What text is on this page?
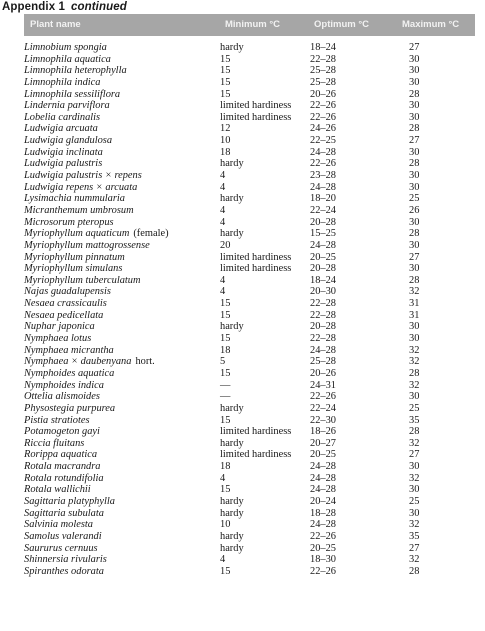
Appendix 1 continued
Plant name	Minimum °C	Optimum °C	Maximum °C
Limnobium spongia	hardy	18–24	27
Limnophila aquatica	15	22–28	30
Limnophila heterophylla	15	25–28	30
Limnophila indica	15	25–28	30
Limnophila sessiliflora	15	20–26	28
Lindernia parviflora	limited hardiness 22–26	30
Lobelia cardinalis	limited hardiness 22–26	30
Ludwigia arcuata	12	24–26	28
Ludwigia glandulosa	10	22–25	27
Ludwigia inclinata	18	24–28	30
Ludwigia palustris	hardy	22–26	28
Ludwigia palustris × repens	4	23–28	30
Ludwigia repens × arcuata	4	24–28	30
Lysimachia nummularia	hardy	18–20	25
Micranthemum umbrosum	4	22–24	26
Microsorum pteropus	4	20–28	30
Myriophyllum aquaticum (female)	hardy	15–25	28
Myriophyllum mattogrossense	20	24–28	30
Myriophyllum pinnatum	limited hardiness 20–25	27
Myriophyllum simulans	limited hardiness 20–28	30
Myriophyllum tuberculatum	4	18–24	28
Najas guadalupensis	4	20–30	32
Nesaea crassicaulis	15	22–28	31
Nesaea pedicellata	15	22–28	31
Nuphar japonica	hardy	20–28	30
Nymphaea lotus	15	22–28	30
Nymphaea micrantha	18	24–28	32
Nymphaea × daubenyana hort.	5	25–28	32
Nymphoides aquatica	15	20–26	28
Nymphoides indica	—	24–31	32
Ottelia alismoides	—	22–26	30
Physostegia purpurea	hardy	22–24	25
Pistia stratiotes	15	22–30	35
Potamogeton gayi	limited hardiness 18–26	28
Riccia fluitans	hardy	20–27	32
Rorippa aquatica	limited hardiness 20–25	27
Rotala macrandra	18	24–28	30
Rotala rotundifolia	4	24–28	32
Rotala wallichii	15	24–28	30
Sagittaria platyphylla	hardy	20–24	25
Sagittaria subulata	hardy	18–28	30
Salvinia molesta	10	24–28	32
Samolus valerandi	hardy	22–26	35
Saururus cernuus	hardy	20–25	27
Shinnersia rivularis	4	18–30	32
Spiranthes odorata	15	22–26	28
